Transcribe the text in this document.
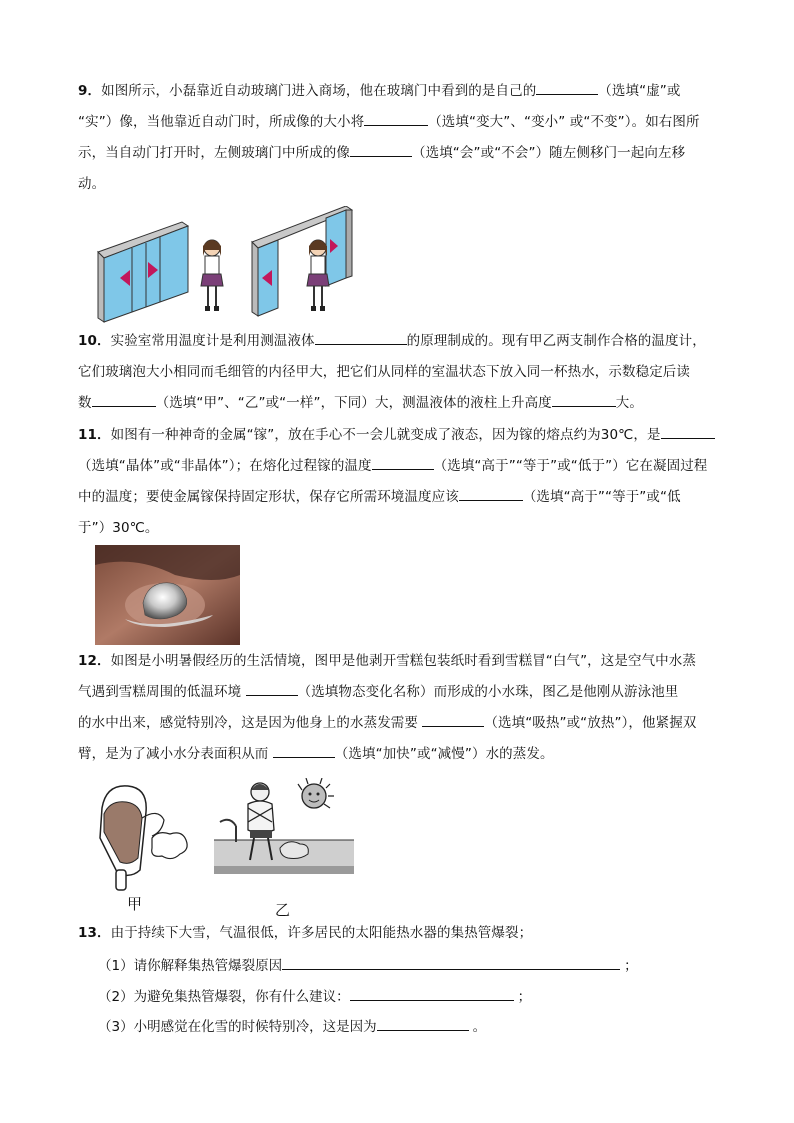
9．如图所示，小磊靠近自动玻璃门进入商场，他在玻璃门中看到的是自己的	（选填“虚”或
“实”）像，当他靠近自动门时，所成像的大小将	（选填“变大”、“变小” 或“不变”）。如右图所
示，当自动门打开时，左侧玻璃门中所成的像	（选填“会”或“不会”）随左侧移门一起向左移
动。
10．实验室常用温度计是利用测温液体	的原理制成的。现有甲乙两支制作合格的温度计，
它们玻璃泡大小相同而毛细管的内径甲大，把它们从同样的室温状态下放入同一杯热水，示数稳定后读
数	（选填“甲”、“乙”或“一样”，下同）大，测温液体的液柱上升高度	大。
11．如图有一种神奇的金属“镓”，放在手心不一会儿就变成了液态，因为镓的熔点约为30℃，是
（选填“晶体”或“非晶体”）；在熔化过程镓的温度	（选填“高于”“等于”或“低于”）它在凝固过程
中的温度；要使金属镓保持固定形状，保存它所需环境温度应该	（选填“高于”“等于”或“低
于”）30℃。
12．如图是小明暑假经历的生活情境，图甲是他剥开雪糕包装纸时看到雪糕冒“白气”，这是空气中水蒸
气遇到雪糕周围的低温环境	（选填物态变化名称）而形成的小水珠，图乙是他刚从游泳池里
的水中出来，感觉特别冷，这是因为他身上的水蒸发需要	（选填“吸热”或“放热”），他紧握双
臂，是为了减小水分表面积从而	（选填“加快”或“减慢”）水的蒸发。
甲	乙
13．由于持续下大雪，气温很低，许多居民的太阳能热水器的集热管爆裂；
（1）请你解释集热管爆裂原因	；
（2）为避免集热管爆裂，你有什么建议：	；
（3）小明感觉在化雪的时候特别冷，这是因为	。
